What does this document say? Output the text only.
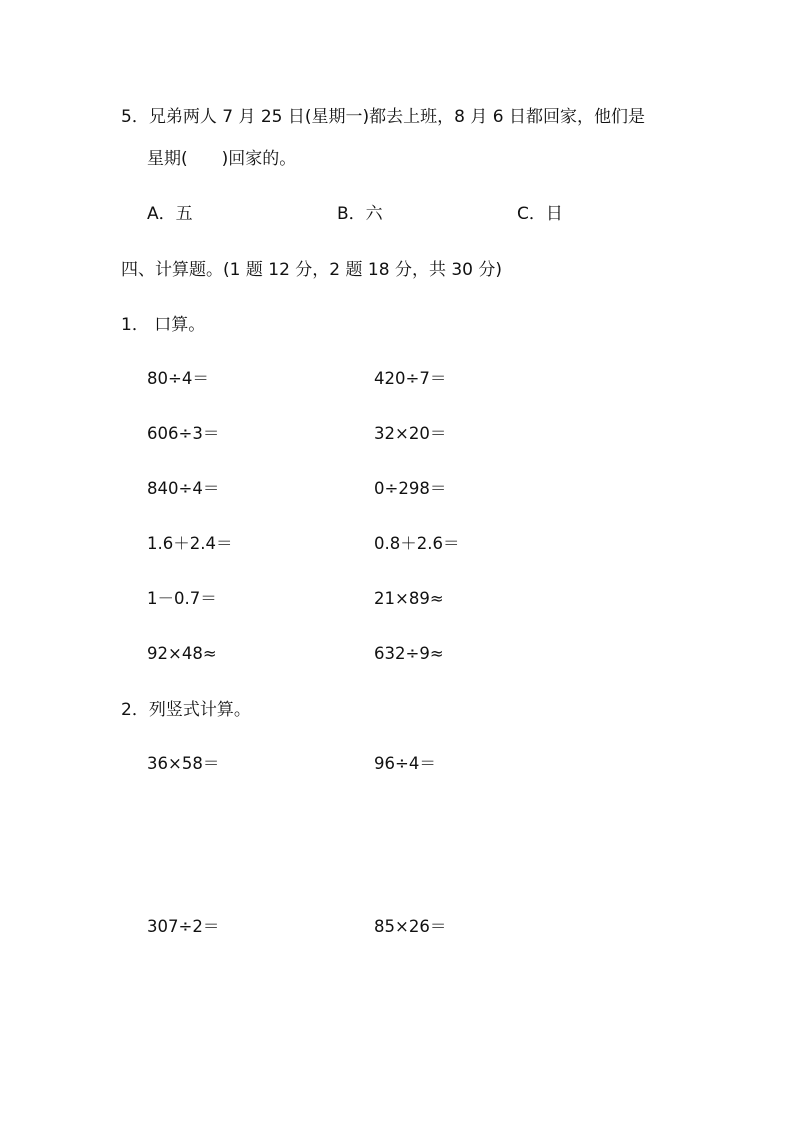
5．兄弟两人 7 月 25 日(星期一)都去上班，8 月 6 日都回家，他们是

星期(　　)回家的。

A．五	B．六	C．日

四、计算题。(1 题 12 分，2 题 18 分，共 30 分)

1． 口算。

80÷4＝	420÷7＝

606÷3＝	32×20＝

840÷4＝	0÷298＝

1.6＋2.4＝	0.8＋2.6＝

1－0.7＝	21×89≈

92×48≈	632÷9≈

2．列竖式计算。

36×58＝	96÷4＝

307÷2＝	85×26＝
